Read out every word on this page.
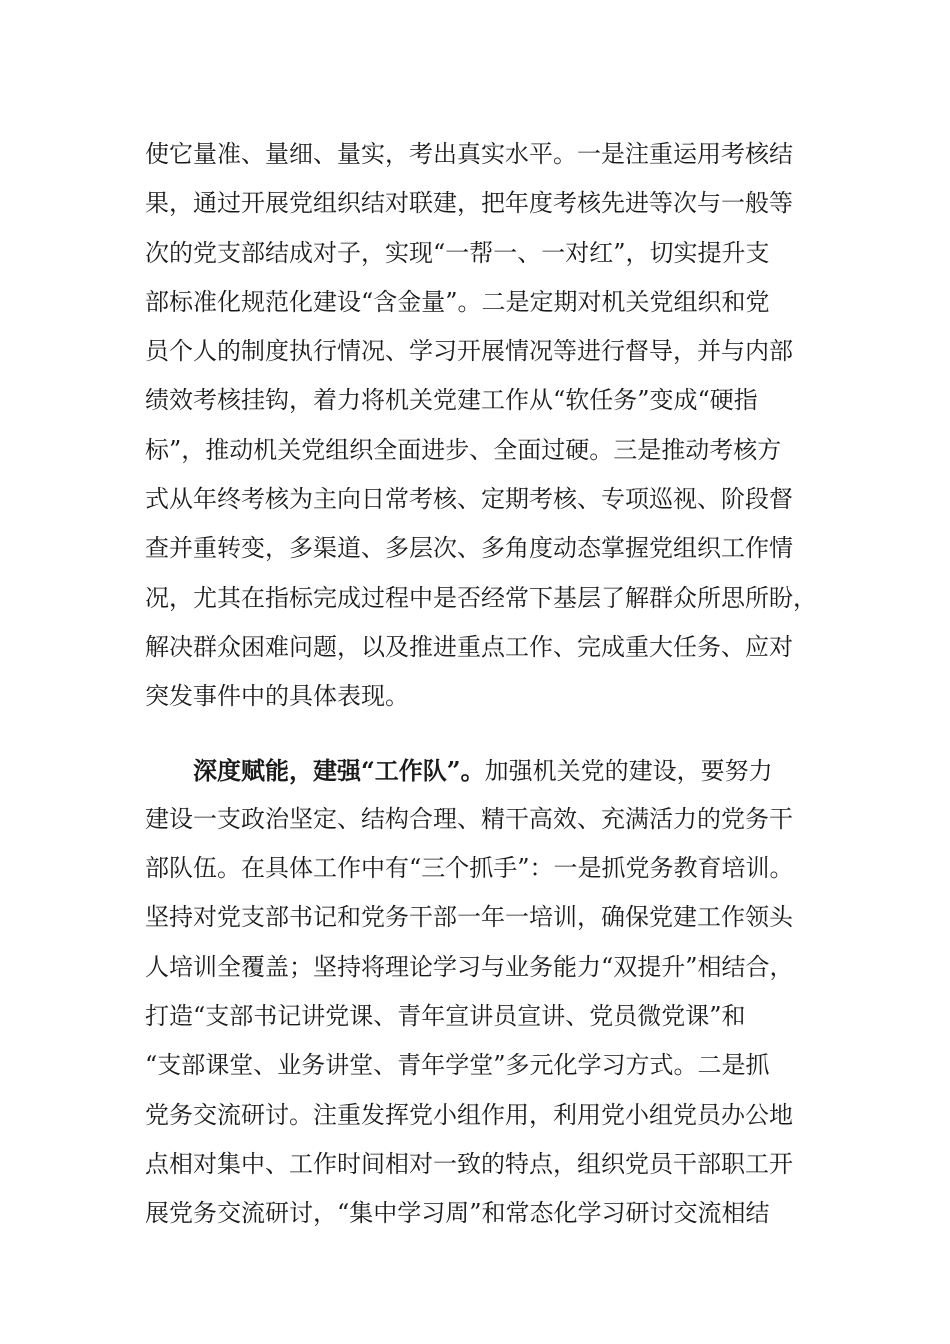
使它量准、量细、量实，考出真实水平。一是注重运用考核结
果，通过开展党组织结对联建，把年度考核先进等次与一般等
次的党支部结成对子，实现“一帮一、一对红”，切实提升支
部标准化规范化建设“含金量”。二是定期对机关党组织和党
员个人的制度执行情况、学习开展情况等进行督导，并与内部
绩效考核挂钩，着力将机关党建工作从“软任务”变成“硬指
标”，推动机关党组织全面进步、全面过硬。三是推动考核方
式从年终考核为主向日常考核、定期考核、专项巡视、阶段督
查并重转变，多渠道、多层次、多角度动态掌握党组织工作情
况，尤其在指标完成过程中是否经常下基层了解群众所思所盼，
解决群众困难问题，以及推进重点工作、完成重大任务、应对
突发事件中的具体表现。
深度赋能，建强“工作队”。加强机关党的建设，要努力
建设一支政治坚定、结构合理、精干高效、充满活力的党务干
部队伍。在具体工作中有“三个抓手”：一是抓党务教育培训。
坚持对党支部书记和党务干部一年一培训，确保党建工作领头
人培训全覆盖；坚持将理论学习与业务能力“双提升”相结合，
打造“支部书记讲党课、青年宣讲员宣讲、党员微党课”和
“支部课堂、业务讲堂、青年学堂”多元化学习方式。二是抓
党务交流研讨。注重发挥党小组作用，利用党小组党员办公地
点相对集中、工作时间相对一致的特点，组织党员干部职工开
展党务交流研讨，“集中学习周”和常态化学习研讨交流相结
